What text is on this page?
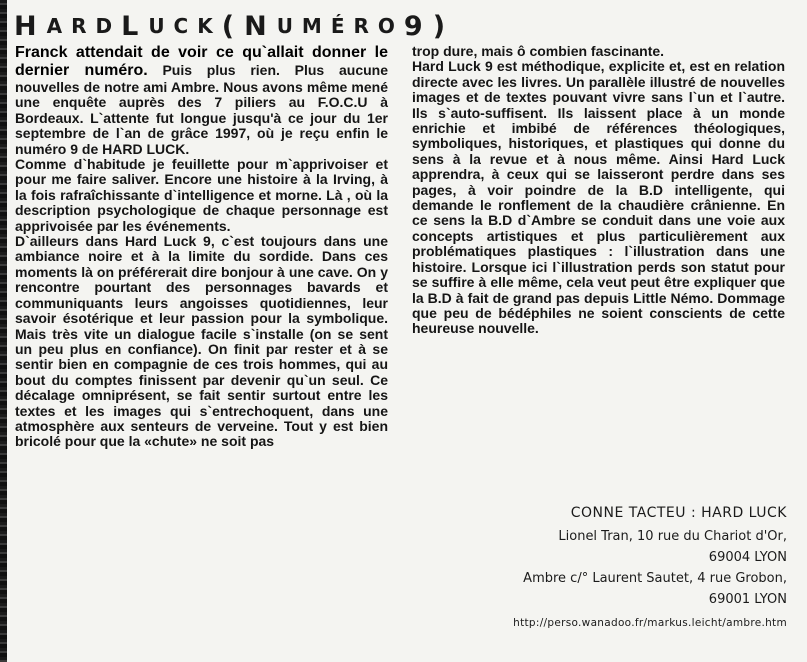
H ARD L UCK ( N UMÉRO 9 )

Franck attendait de voir ce qu`allait donner le dernier numéro. Puis plus rien. Plus aucune nouvelles de notre ami Ambre. Nous avons même mené une enquête auprès des 7 piliers au F.O.C.U à Bordeaux. L`attente fut longue jusqu'à ce jour du 1er septembre de l`an de grâce 1997, où je reçu enfin le numéro 9 de HARD LUCK.

Comme d`habitude je feuillette pour m`apprivoiser et pour me faire saliver. Encore une histoire à la Irving, à la fois rafraîchissante d`intelligence et morne. Là , où la description psychologique de chaque personnage est apprivoisée par les événements.

D`ailleurs dans Hard Luck 9, c`est toujours dans une ambiance noire et à la limite du sordide. Dans ces moments là on préférerait dire bonjour à une cave. On y rencontre pourtant des personnages bavards et communiquants leurs angoisses quotidiennes, leur savoir ésotérique et leur passion pour la symbolique. Mais très vite un dialogue facile s`installe (on se sent un peu plus en confiance). On finit par rester et à se sentir bien en compagnie de ces trois hommes, qui au bout du comptes finissent par devenir qu`un seul. Ce décalage omniprésent, se fait sentir surtout entre les textes et les images qui s`entrechoquent, dans une atmosphère aux senteurs de verveine. Tout y est bien bricolé pour que la «chute» ne soit pas

trop dure, mais ô combien fascinante.

Hard Luck 9 est méthodique, explicite et, est en relation directe avec les livres. Un parallèle illustré de nouvelles images et de textes pouvant vivre sans l`un et l`autre. Ils s`auto-suffisent. Ils laissent place à un monde enrichie et imbibé de références théologiques, symboliques, historiques, et plastiques qui donne du sens à la revue et à nous même. Ainsi Hard Luck apprendra, à ceux qui se laisseront perdre dans ses pages, à voir poindre de la B.D intelligente, qui demande le ronflement de la chaudière crânienne. En ce sens la B.D d`Ambre se conduit dans une voie aux concepts artistiques et plus particulièrement aux problématiques plastiques : l`illustration dans une histoire. Lorsque ici l`illustration perds son statut pour se suffire à elle même, cela veut peut être expliquer que la B.D à fait de grand pas depuis Little Némo. Dommage que peu de bédéphiles ne soient conscients de cette heureuse nouvelle.

CONNE TACTEU : HARD LUCK
Lionel Tran, 10 rue du Chariot d'Or,
69004 LYON
Ambre c/° Laurent Sautet, 4 rue Grobon,
69001 LYON
http://perso.wanadoo.fr/markus.leicht/ambre.htm
